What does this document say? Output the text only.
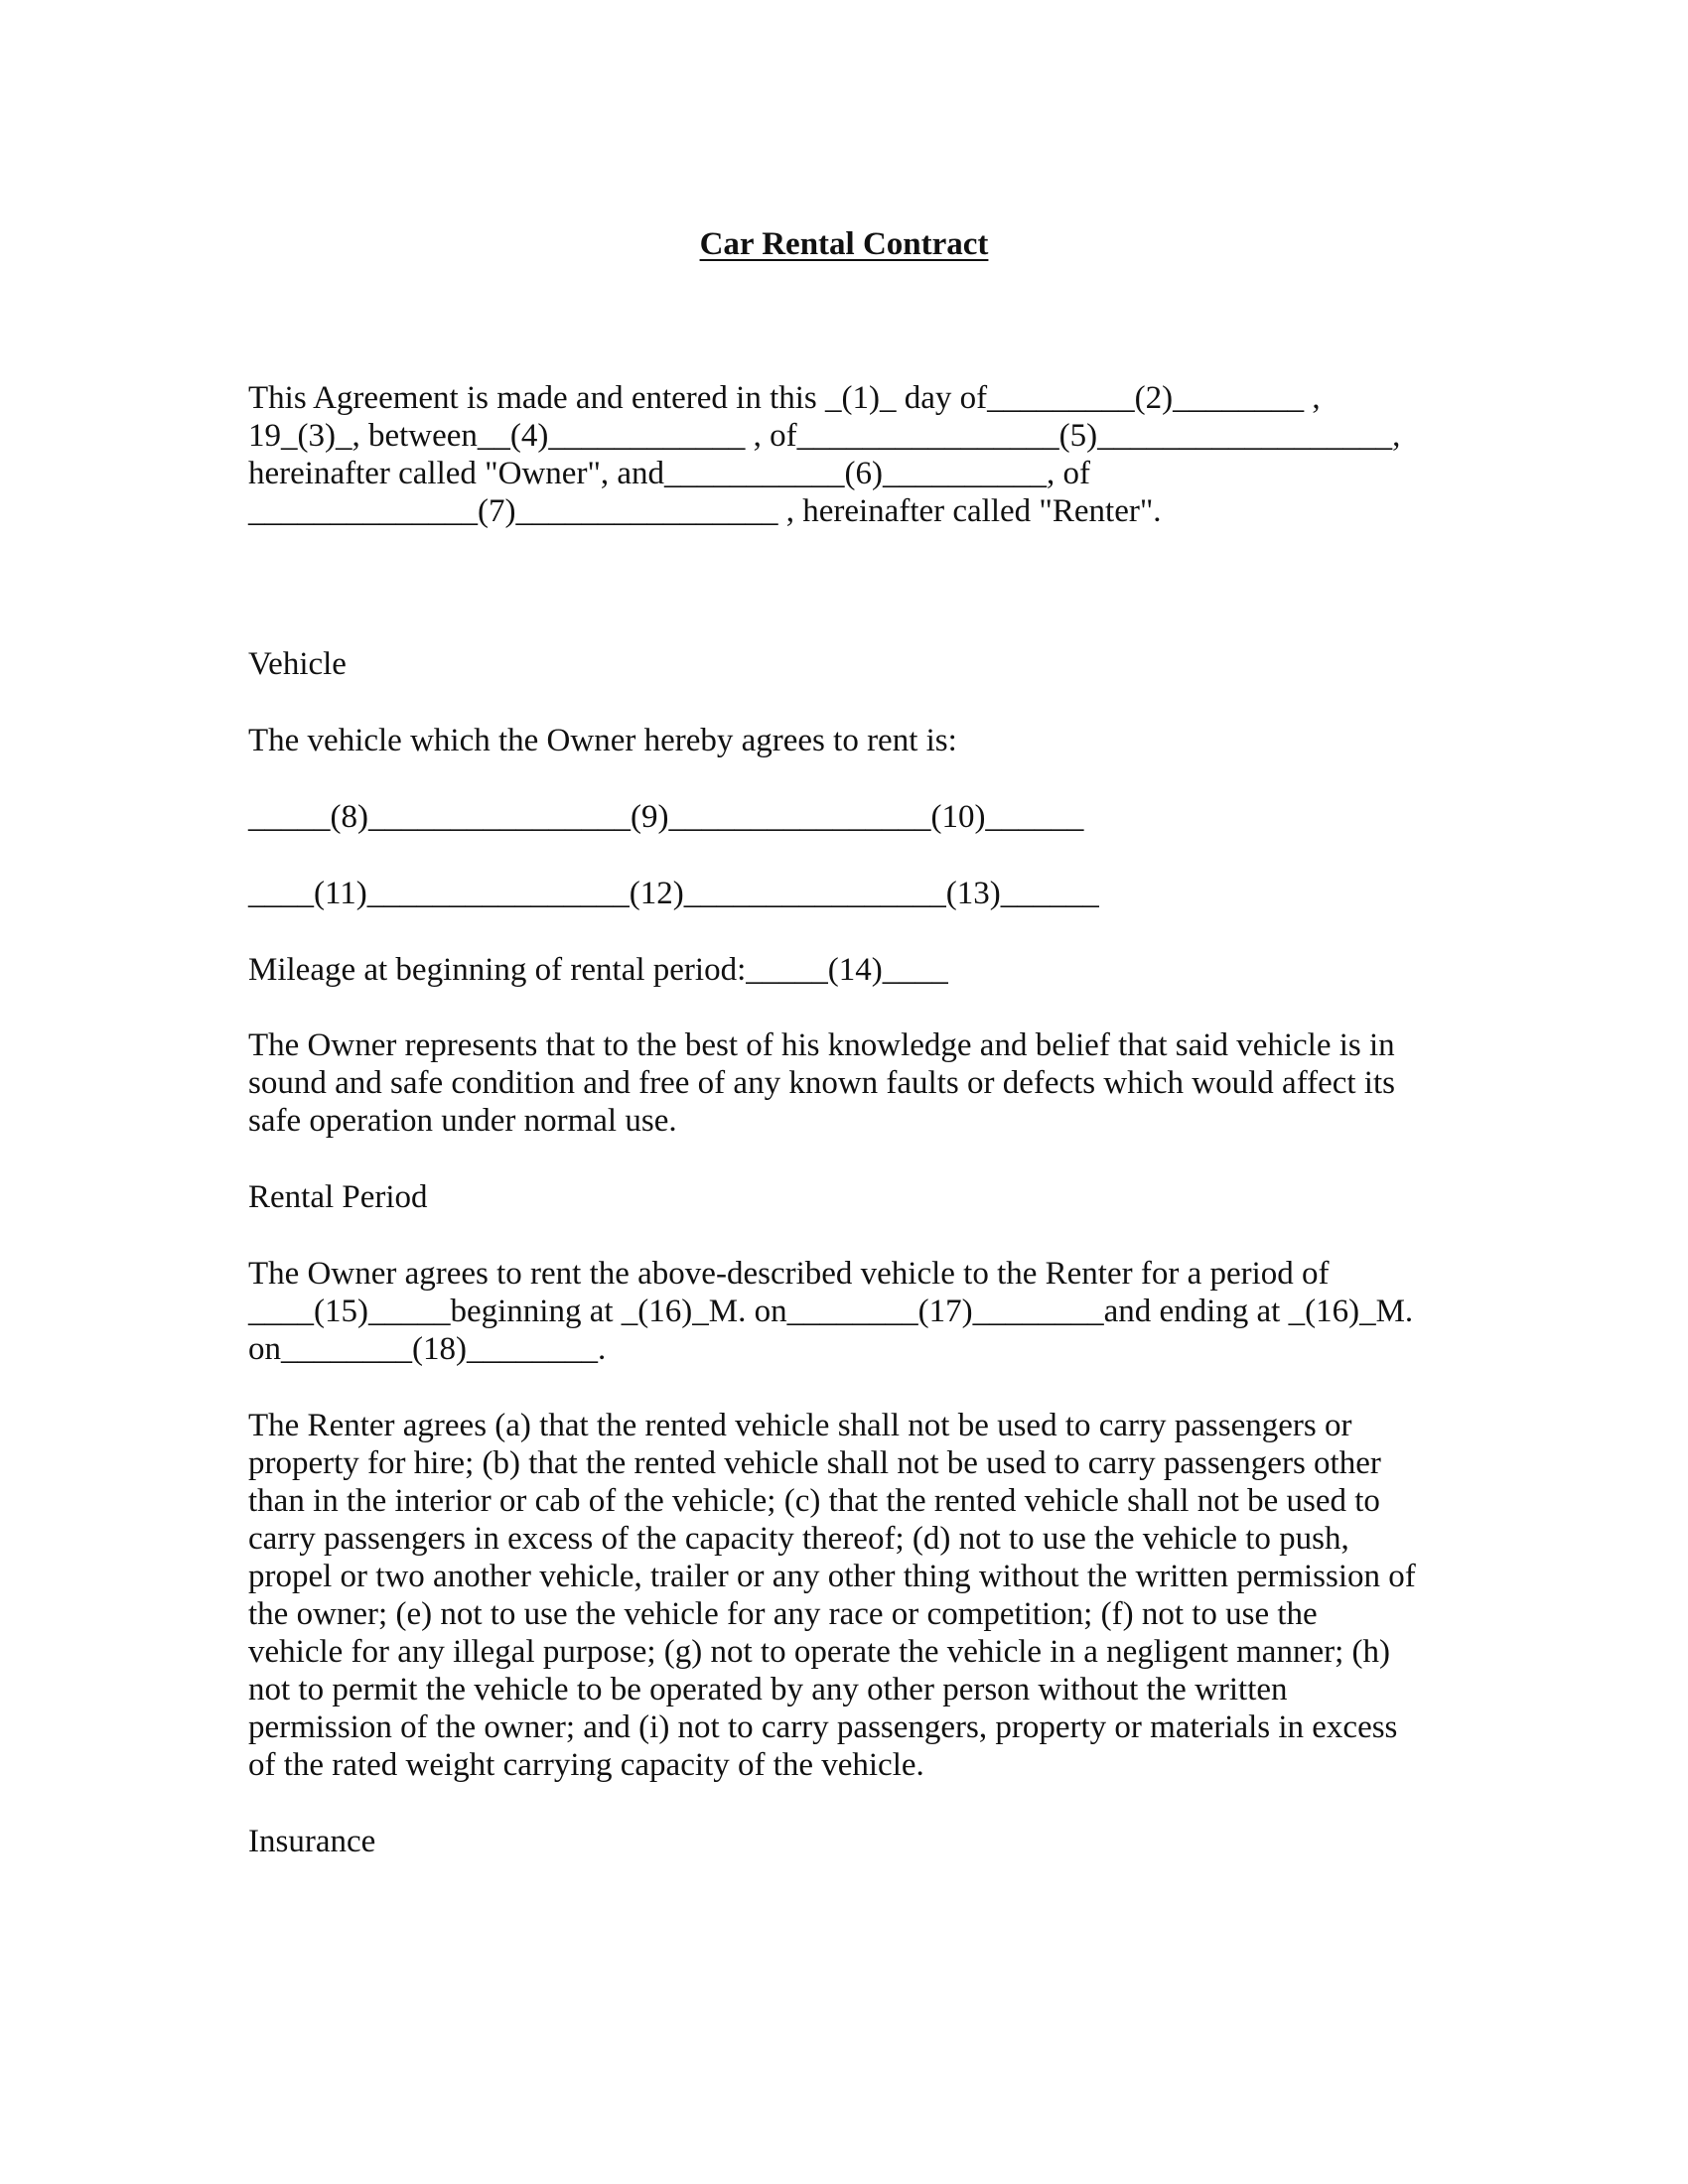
Car Rental Contract
This Agreement is made and entered in this _(1)_ day of_________(2)________ ,
19_(3)_, between__(4)____________ , of________________(5)__________________,
hereinafter called "Owner", and___________(6)__________, of
______________(7)________________ , hereinafter called "Renter".
Vehicle
The vehicle which the Owner hereby agrees to rent is:
_____(8)________________(9)________________(10)______
____(11)________________(12)________________(13)______
Mileage at beginning of rental period:_____(14)____
The Owner represents that to the best of his knowledge and belief that said vehicle is in
sound and safe condition and free of any known faults or defects which would affect its
safe operation under normal use.
Rental Period
The Owner agrees to rent the above-described vehicle to the Renter for a period of
____(15)_____beginning at _(16)_M. on________(17)________and ending at _(16)_M.
on________(18)________.
The Renter agrees (a) that the rented vehicle shall not be used to carry passengers or
property for hire; (b) that the rented vehicle shall not be used to carry passengers other
than in the interior or cab of the vehicle; (c) that the rented vehicle shall not be used to
carry passengers in excess of the capacity thereof; (d) not to use the vehicle to push,
propel or two another vehicle, trailer or any other thing without the written permission of
the owner; (e) not to use the vehicle for any race or competition; (f) not to use the
vehicle for any illegal purpose; (g) not to operate the vehicle in a negligent manner; (h)
not to permit the vehicle to be operated by any other person without the written
permission of the owner; and (i) not to carry passengers, property or materials in excess
of the rated weight carrying capacity of the vehicle.
Insurance
